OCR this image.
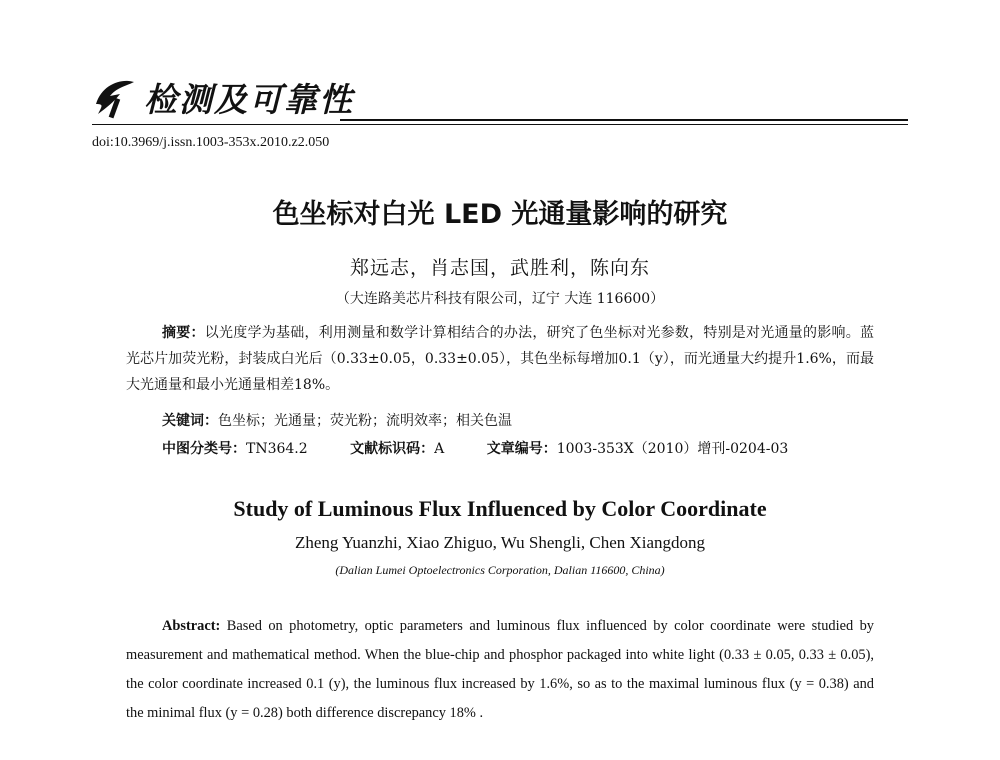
检测及可靠性
doi:10.3969/j.issn.1003-353x.2010.z2.050
色坐标对白光 LED 光通量影响的研究
郑远志，肖志国，武胜利，陈向东
（大连路美芯片科技有限公司，辽宁 大连 116600）
摘要：以光度学为基础，利用测量和数学计算相结合的办法，研究了色坐标对光参数，特别是对光通量的影响。蓝光芯片加荧光粉，封装成白光后（0.33±0.05，0.33±0.05），其色坐标每增加0.1（y），而光通量大约提升1.6%，而最大光通量和最小光通量相差18%。
关键词：色坐标；光通量；荧光粉；流明效率；相关色温
中图分类号：TN364.2	文献标识码：A	文章编号：1003-353X（2010）增刊-0204-03
Study of Luminous Flux Influenced by Color Coordinate
Zheng Yuanzhi, Xiao Zhiguo, Wu Shengli, Chen Xiangdong
(Dalian Lumei Optoelectronics Corporation, Dalian 116600, China)
Abstract: Based on photometry, optic parameters and luminous flux influenced by color coordinate were studied by measurement and mathematical method. When the blue-chip and phosphor packaged into white light (0.33 ± 0.05, 0.33 ± 0.05), the color coordinate increased 0.1 (y), the luminous flux increased by 1.6%, so as to the maximal luminous flux (y = 0.38) and the minimal flux (y = 0.28) both difference discrepancy 18% .
